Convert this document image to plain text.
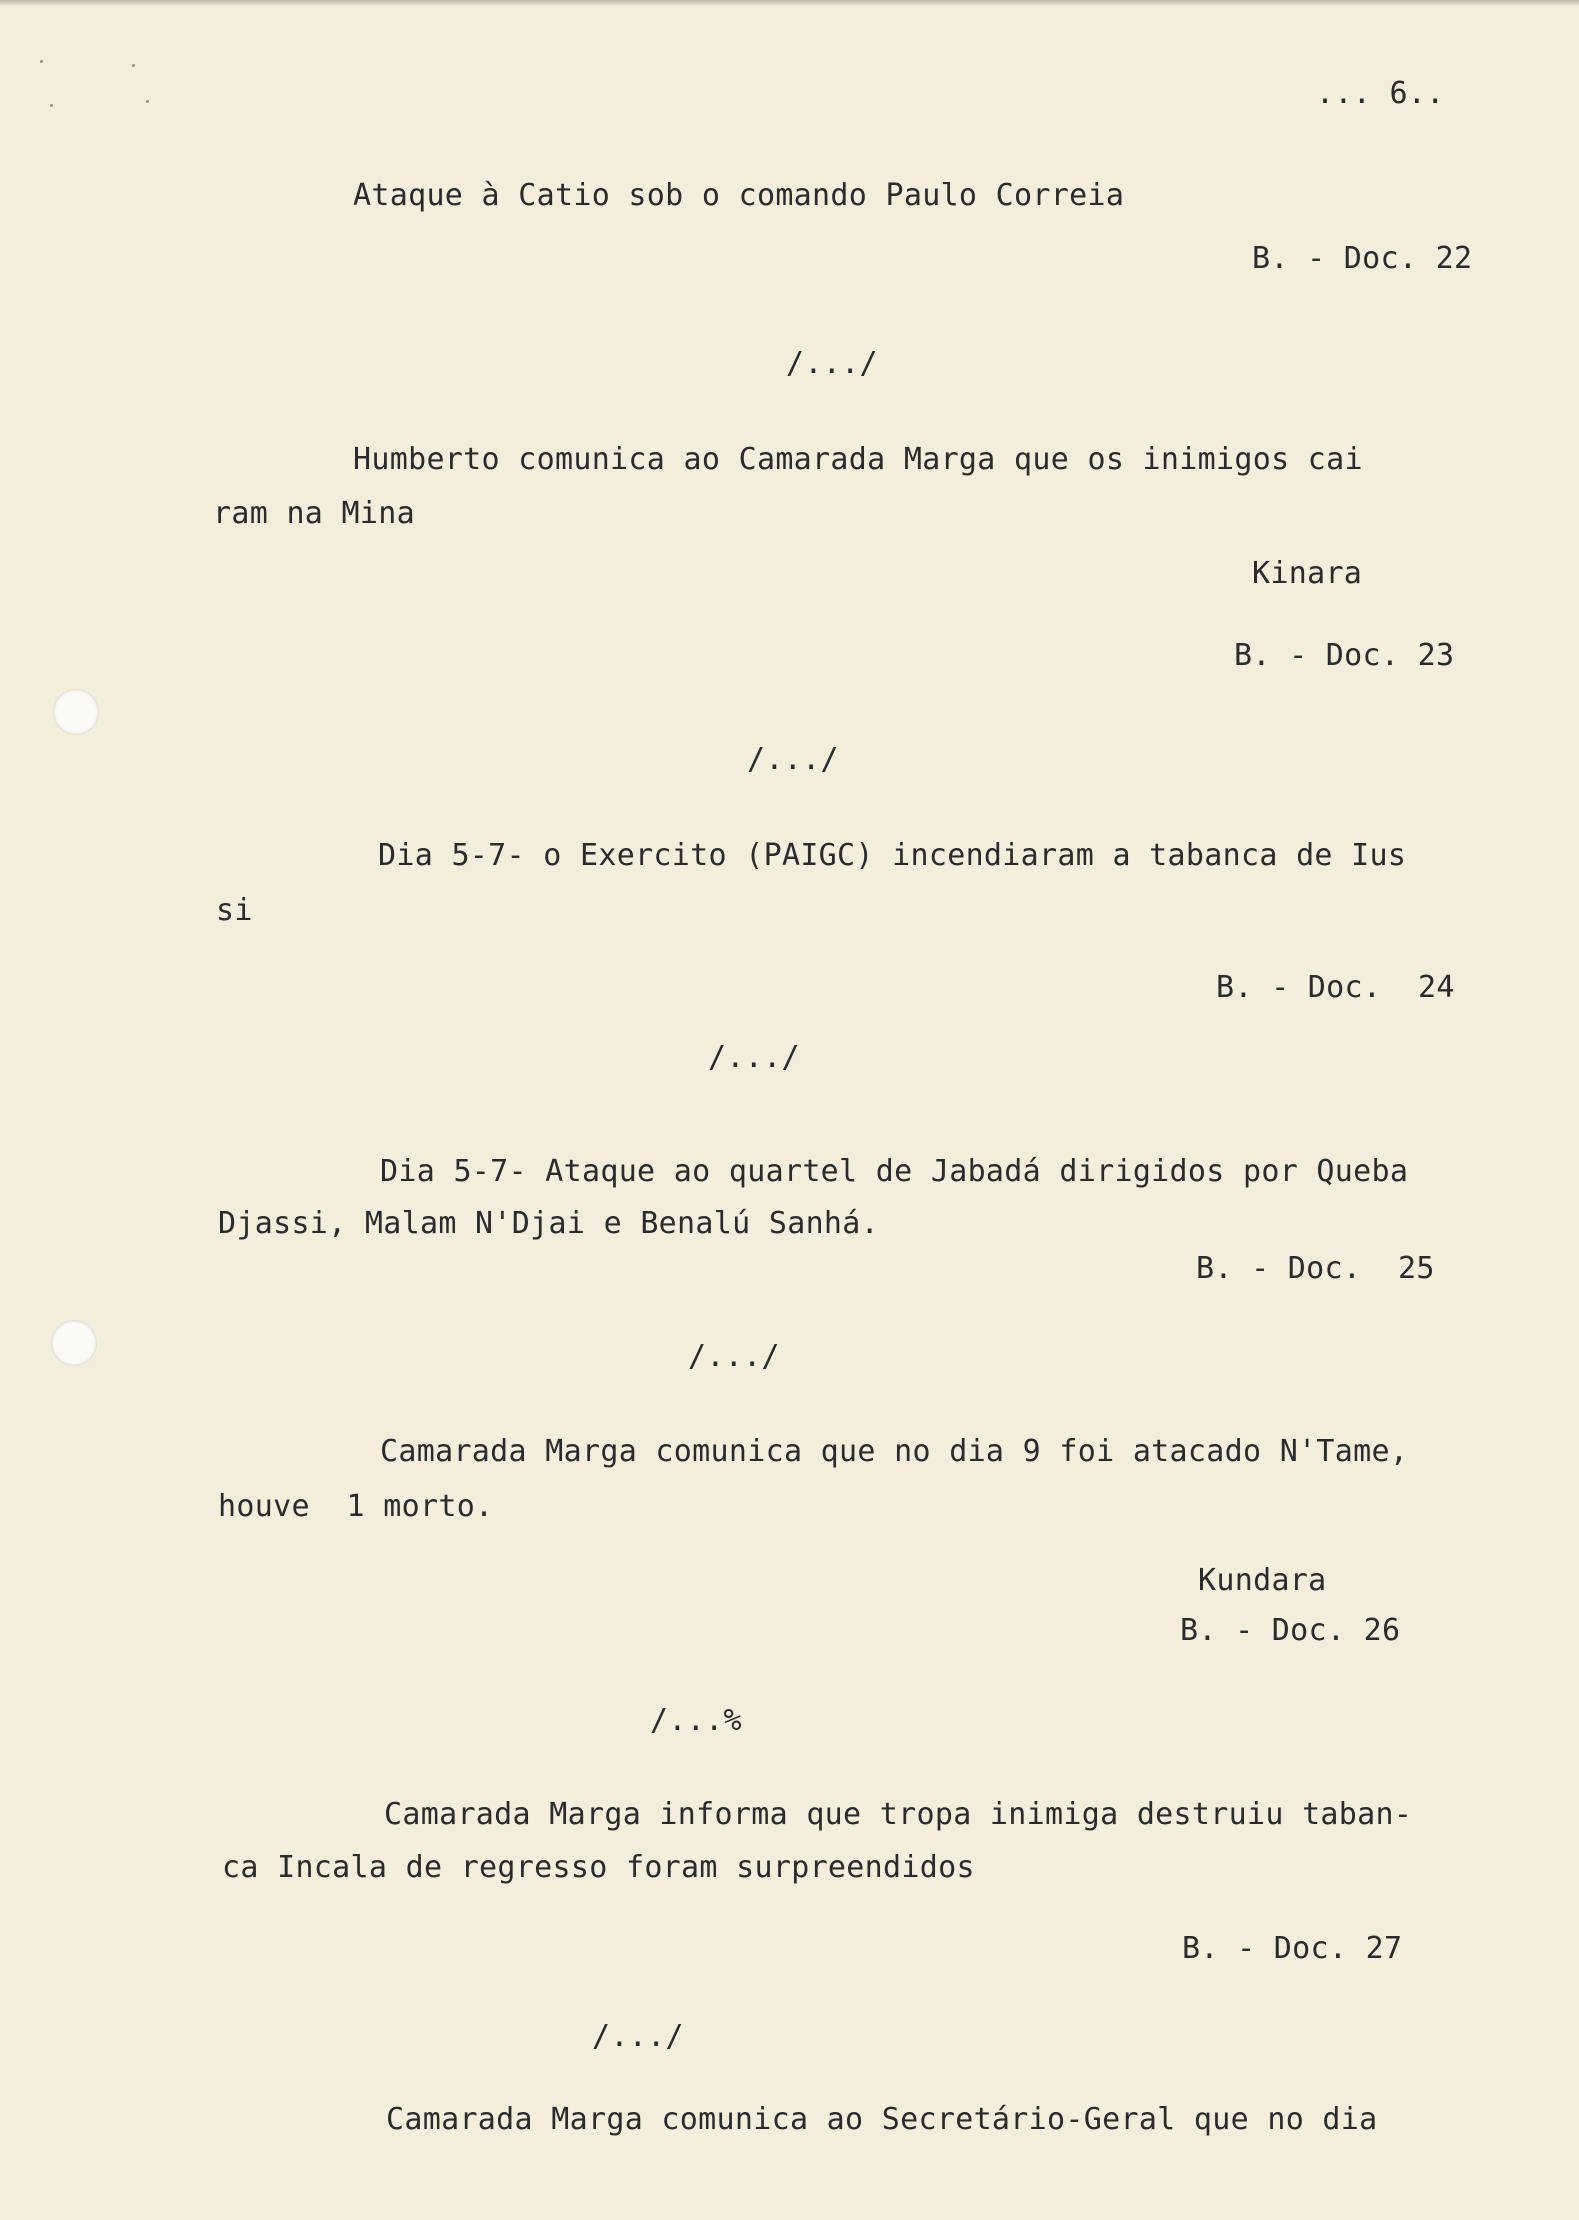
... 6..
Ataque à Catio sob o comando Paulo Correia
B. - Doc. 22
/.../
Humberto comunica ao Camarada Marga que os inimigos cai
ram na Mina
Kinara
B. - Doc. 23
/.../
Dia 5-7- o Exercito (PAIGC) incendiaram a tabanca de Ius
si
B. - Doc.  24
/.../
Dia 5-7- Ataque ao quartel de Jabadá dirigidos por Queba
Djassi, Malam N'Djai e Benalú Sanhá.
B. - Doc.  25
/.../
Camarada Marga comunica que no dia 9 foi atacado N'Tame,
houve  1 morto.
Kundara
B. - Doc. 26
/...%
Camarada Marga informa que tropa inimiga destruiu taban-
ca Incala de regresso foram surpreendidos
B. - Doc. 27
/.../
Camarada Marga comunica ao Secretário-Geral que no dia
